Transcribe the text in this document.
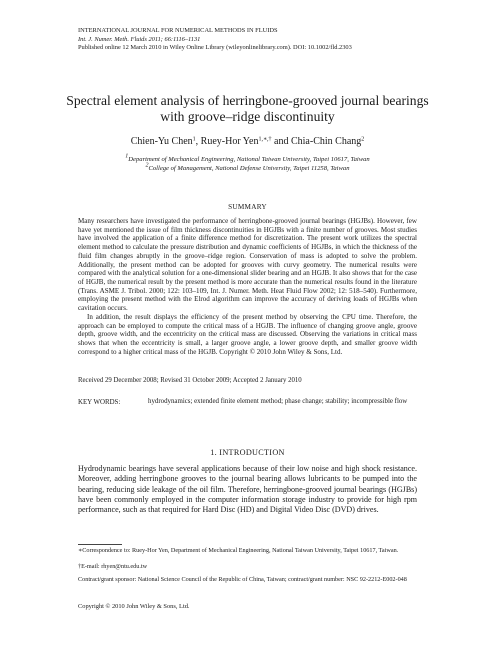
INTERNATIONAL JOURNAL FOR NUMERICAL METHODS IN FLUIDS
Int. J. Numer. Meth. Fluids 2011; 66:1116–1131
Published online 12 March 2010 in Wiley Online Library (wileyonlinelibrary.com). DOI: 10.1002/fld.2303
Spectral element analysis of herringbone-grooved journal bearings
with groove–ridge discontinuity
Chien-Yu Chen$^1$, Ruey-Hor Yen$^{1,∗,\dagger}$ and Chia-Chin Chang$^2$
$^1$Department of Mechanical Engineering, National Taiwan University, Taipei 10617, Taiwan
$^2$College of Management, National Defense University, Taipei 11258, Taiwan
SUMMARY

Many researchers have investigated the performance of herringbone-grooved journal bearings (HGJBs). However, few have yet mentioned the issue of film thickness discontinuities in HGJBs with a finite number of grooves. Most studies have involved the application of a finite difference method for discretization. The present work utilizes the spectral element method to calculate the pressure distribution and dynamic coefficients of HGJBs, in which the thickness of the fluid film changes abruptly in the groove–ridge region. Conservation of mass is adopted to solve the problem. Additionally, the present method can be adopted for grooves with curvy geometry. The numerical results were compared with the analytical solution for a one-dimensional slider bearing and an HGJB. It also shows that for the case of HGJB, the numerical result by the present method is more accurate than the numerical results found in the literature (Trans. ASME J. Tribol. 2000; 122: 103–109, Int. J. Numer. Meth. Heat Fluid Flow 2002; 12: 518–540). Furthermore, employing the present method with the Elrod algorithm can improve the accuracy of deriving loads of HGJBs when cavitation occurs.

In addition, the result displays the efficiency of the present method by observing the CPU time. Therefore, the approach can be employed to compute the critical mass of a HGJB. The influence of changing groove angle, groove depth, groove width, and the eccentricity on the critical mass are discussed. Observing the variations in critical mass shows that when the eccentricity is small, a larger groove angle, a lower groove depth, and smaller groove width correspond to a higher critical mass of the HGJB. Copyright © 2010 John Wiley & Sons, Ltd.

Received 29 December 2008; Revised 31 October 2009; Accepted 2 January 2010
KEY WORDS:	hydrodynamics; extended finite element method; phase change; stability; incompressible flow
1. INTRODUCTION
Hydrodynamic bearings have several applications because of their low noise and high shock resistance. Moreover, adding herringbone grooves to the journal bearing allows lubricants to be pumped into the bearing, reducing side leakage of the oil film. Therefore, herringbone-grooved journal bearings (HGJBs) have been commonly employed in the computer information storage industry to provide for high rpm performance, such as that required for Hard Disc (HD) and Digital Video Disc (DVD) drives.
∗Correspondence to: Ruey-Hor Yen, Department of Mechanical Engineering, National Taiwan University, Taipei 10617, Taiwan.
†E-mail: rhyen@ntu.edu.tw
Contract/grant sponsor: National Science Council of the Republic of China, Taiwan; contract/grant number: NSC 92-2212-E002-048
Copyright © 2010 John Wiley & Sons, Ltd.
